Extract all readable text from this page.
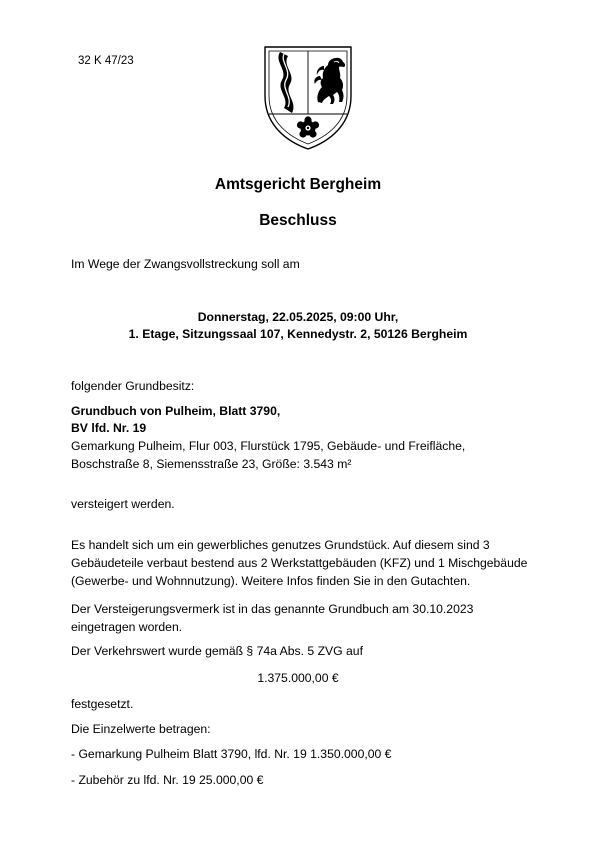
32 K 47/23
Amtsgericht Bergheim
Beschluss
Im Wege der Zwangsvollstreckung soll am
Donnerstag, 22.05.2025, 09:00 Uhr,
1. Etage, Sitzungssaal 107, Kennedystr. 2, 50126 Bergheim
folgender Grundbesitz:
Grundbuch von Pulheim, Blatt 3790,
BV lfd. Nr. 19
Gemarkung Pulheim, Flur 003, Flurstück 1795, Gebäude- und Freifläche,
Boschstraße 8, Siemensstraße 23, Größe: 3.543 m²
versteigert werden.
Es handelt sich um ein gewerbliches genutzes Grundstück. Auf diesem sind 3
Gebäudeteile verbaut bestend aus 2 Werkstattgebäuden (KFZ) und 1 Mischgebäude
(Gewerbe- und Wohnnutzung). Weitere Infos finden Sie in den Gutachten.
Der Versteigerungsvermerk ist in das genannte Grundbuch am 30.10.2023
eingetragen worden.
Der Verkehrswert wurde gemäß § 74a Abs. 5 ZVG auf
1.375.000,00 €
festgesetzt.
Die Einzelwerte betragen:
- Gemarkung Pulheim Blatt 3790, lfd. Nr. 19 1.350.000,00 €
- Zubehör zu lfd. Nr. 19 25.000,00 €
